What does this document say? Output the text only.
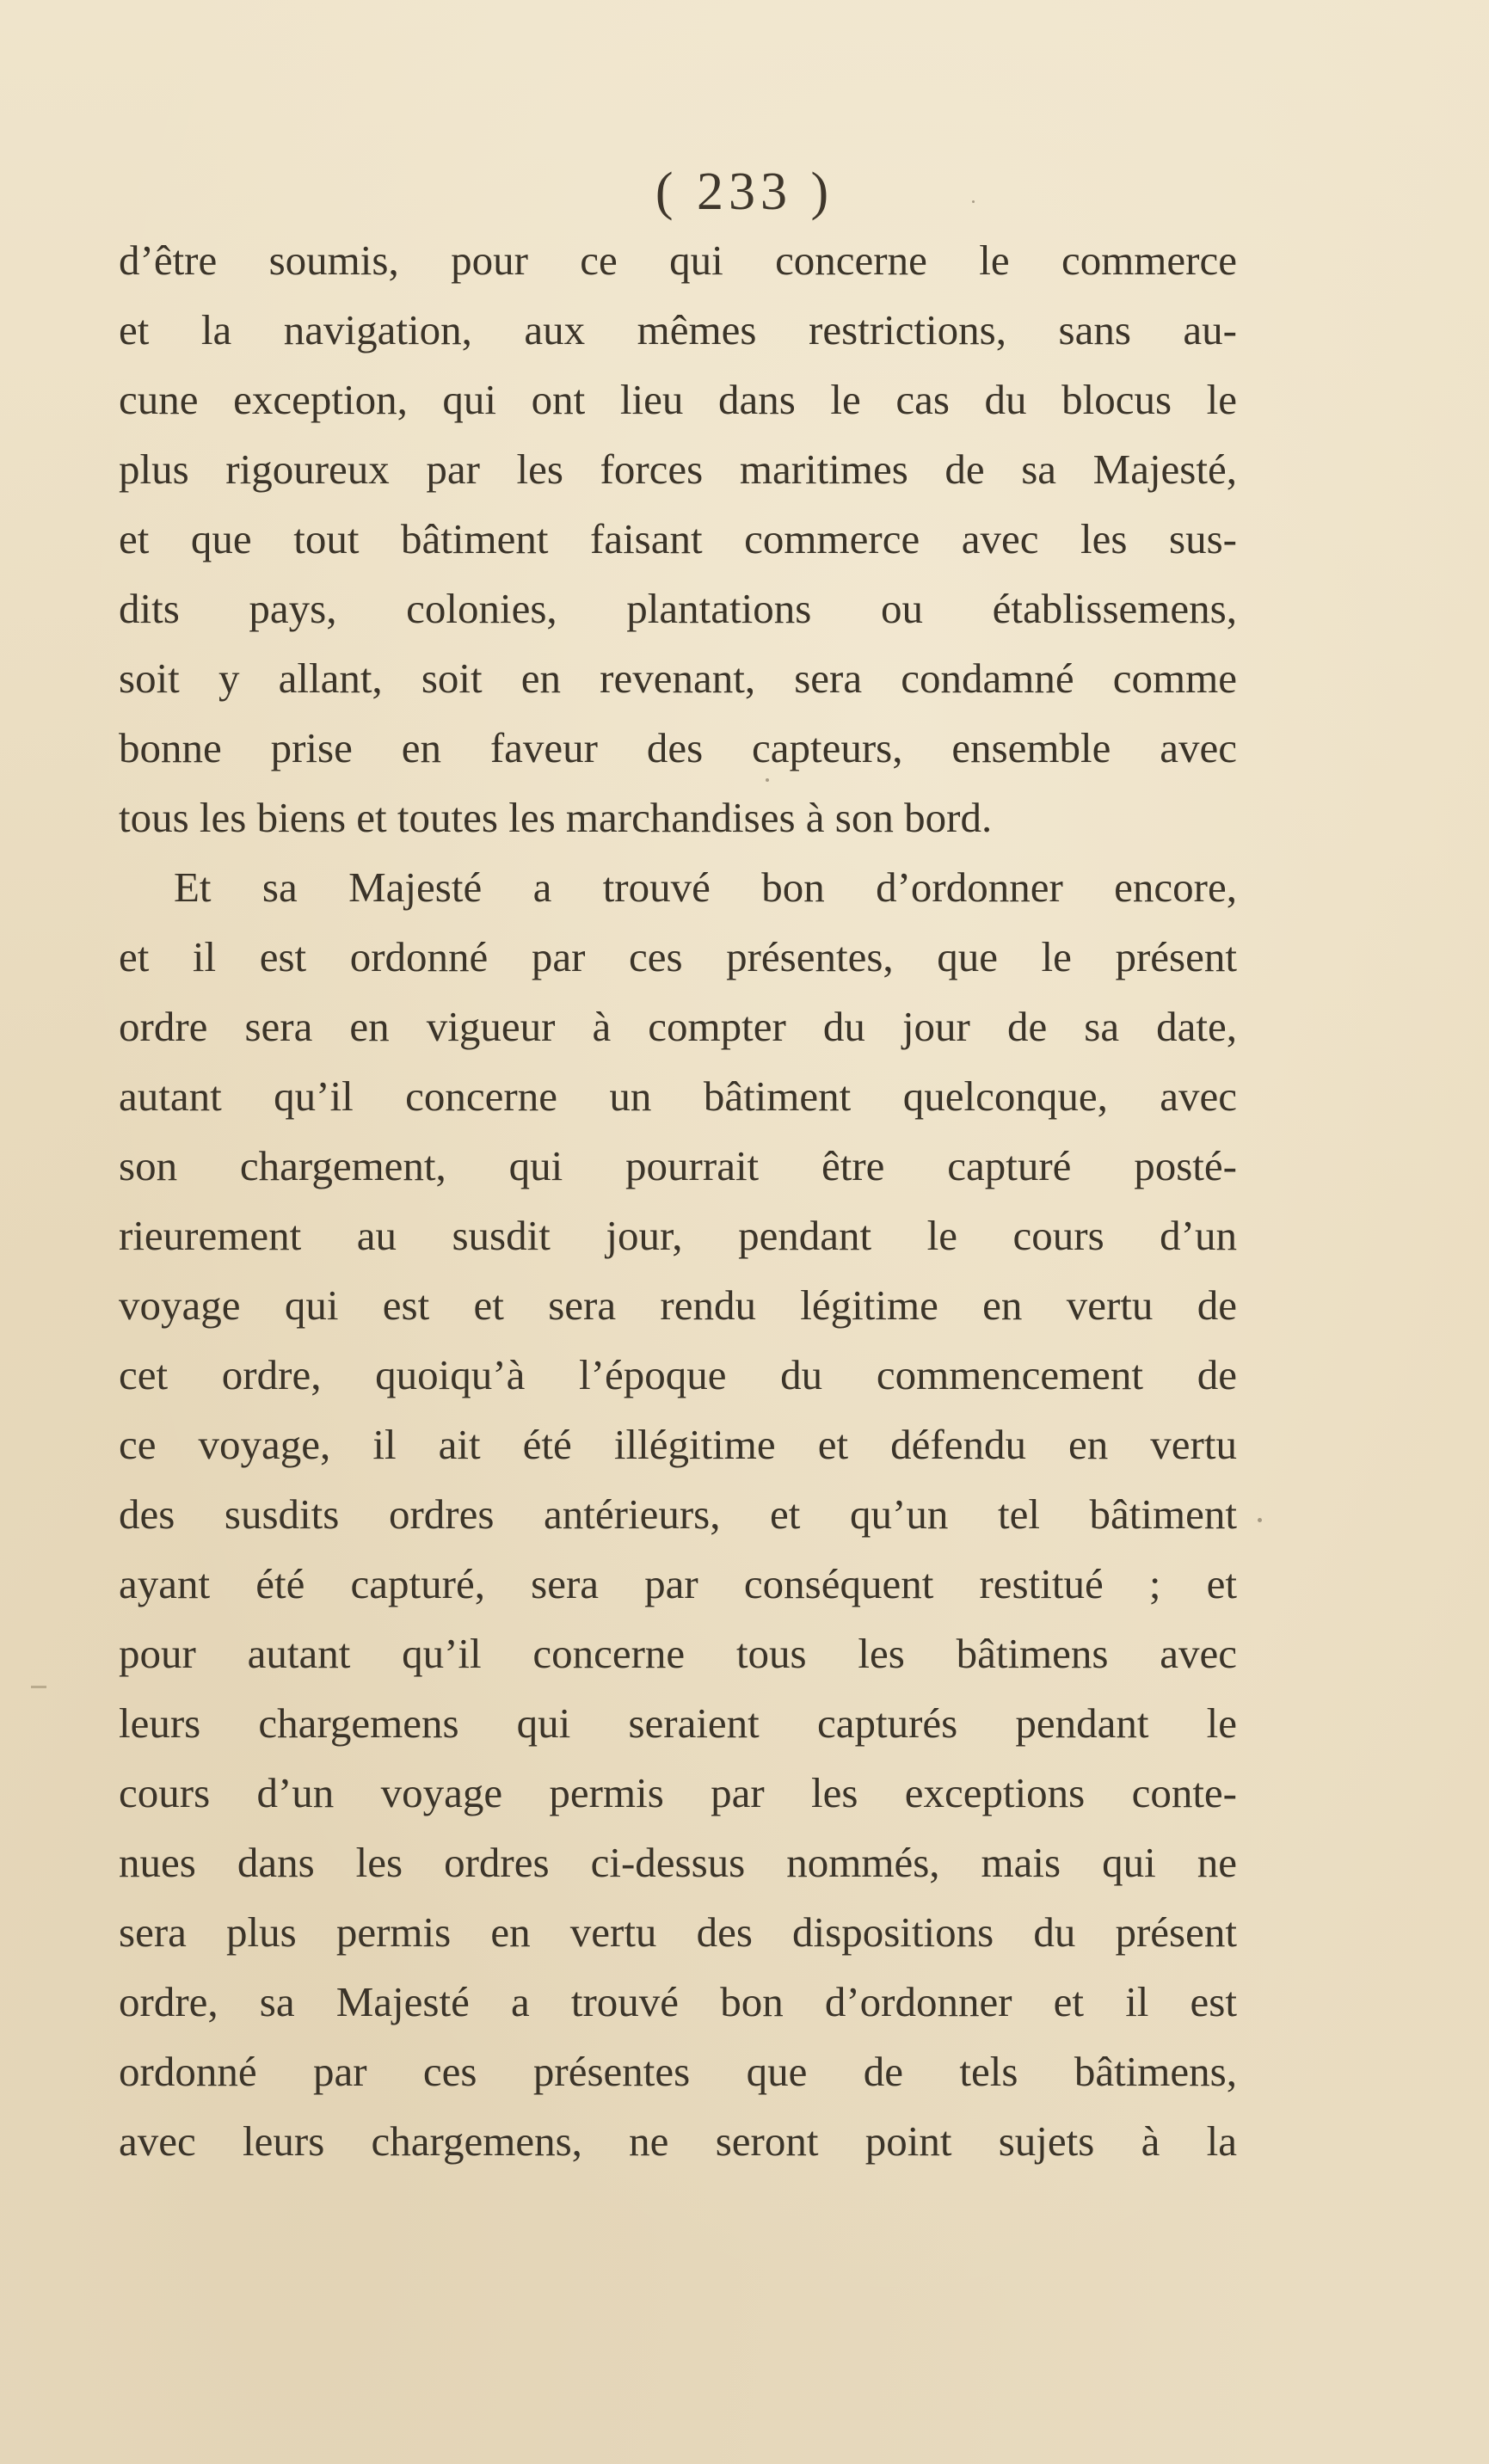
( 233 )
d’être soumis, pour ce qui concerne le commerce
et la navigation, aux mêmes restrictions, sans au-
cune exception, qui ont lieu dans le cas du blocus le
plus rigoureux par les forces maritimes de sa Majesté,
et que tout bâtiment faisant commerce avec les sus-
dits pays, colonies, plantations ou établissemens,
soit y allant, soit en revenant, sera condamné comme
bonne prise en faveur des capteurs, ensemble avec
tous les biens et toutes les marchandises à son bord.
Et sa Majesté a trouvé bon d’ordonner encore,
et il est ordonné par ces présentes, que le présent
ordre sera en vigueur à compter du jour de sa date,
autant qu’il concerne un bâtiment quelconque, avec
son chargement, qui pourrait être capturé posté-
rieurement au susdit jour, pendant le cours d’un
voyage qui est et sera rendu légitime en vertu de
cet ordre, quoiqu’à l’époque du commencement de
ce voyage, il ait été illégitime et défendu en vertu
des susdits ordres antérieurs, et qu’un tel bâtiment
ayant été capturé, sera par conséquent restitué ; et
pour autant qu’il concerne tous les bâtimens avec
leurs chargemens qui seraient capturés pendant le
cours d’un voyage permis par les exceptions conte-
nues dans les ordres ci-dessus nommés, mais qui ne
sera plus permis en vertu des dispositions du présent
ordre, sa Majesté a trouvé bon d’ordonner et il est
ordonné par ces présentes que de tels bâtimens,
avec leurs chargemens, ne seront point sujets à la
